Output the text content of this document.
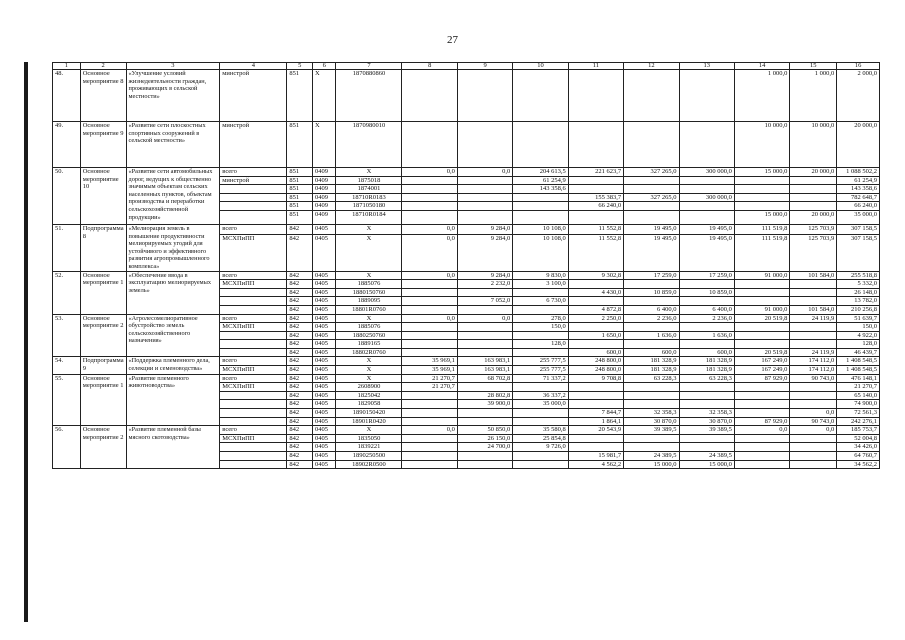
27
1	2	3	4	5	6	7	8	9	10	11	12	13	14	15	16
48.	Основное мероприятие 8	«Улучшение условий жизнедеятельности граждан, проживающих в сельской местности»	минстрой	851	X	1870880860							1 000,0	1 000,0	2 000,0
49.	Основное мероприятие 9	«Развитие сети плоскостных спортивных сооружений в сельской местности»	минстрой	851	X	1870980010							10 000,0	10 000,0	20 000,0
50.	Основное мероприятие 10	«Развитие сети автомобильных дорог, ведущих к общественно значимым объектам сельских населенных пунктов, объектам производства и переработки сельскохозяйственной продукции»	всего	851	0409	X	0,0	0,0	204 613,5	221 623,7	327 265,0	300 000,0	15 000,0	20 000,0	1 088 502,2
			минстрой	851	0409	1875018			61 254,9						61 254,9
				851	0409	1874001			143 358,6						143 358,6
				851	0409	18710R0183				155 383,7	327 265,0	300 000,0			782 648,7
				851	0409	1871050180				66 240,0					66 240,0
				851	0409	18710R0184							15 000,0	20 000,0	35 000,0
51.	Подпрограмма 8	«Мелиорация земель в повышение продуктивности мелиорируемых угодий для устойчивого и эффективного развития агропромышленного комплекса»	всего	842	0405	X	0,0	9 284,0	10 108,0	11 552,8	19 495,0	19 495,0	111 519,8	125 703,9	307 158,5
			МСХПиПП	842	0405	X	0,0	9 284,0	10 108,0	11 552,8	19 495,0	19 495,0	111 519,8	125 703,9	307 158,5
52.	Основное мероприятие 1	«Обеспечение ввода в эксплуатацию мелиорируемых земель»	всего	842	0405	X	0,0	9 284,0	9 830,0	9 302,8	17 259,0	17 259,0	91 000,0	101 584,0	255 518,8
			МСХПиПП	842	0405	1885076		2 232,0	3 100,0						5 332,0
				842	0405	1880150760				4 430,0	10 859,0	10 859,0			26 148,0
				842	0405	1889095		7 052,0	6 730,0						13 782,0
				842	0405	18801R0760				4 872,8	6 400,0	6 400,0	91 000,0	101 584,0	210 256,8
53.	Основное мероприятие 2	«Агролесомелиоративное обустройство земель сельскохозяйственного назначения»	всего	842	0405	X	0,0	0,0	278,0	2 250,0	2 236,0	2 236,0	20 519,8	24 119,9	51 639,7
			МСХПиПП	842	0405	1885076			150,0						150,0
				842	0405	1880250760				1 650,0	1 636,0	1 636,0			4 922,0
				842	0405	1889165			128,0						128,0
				842	0405	18802R0760				600,0	600,0	600,0	20 519,8	24 119,9	46 439,7
54.	Подпрограмма 9	«Поддержка племенного дела, селекции и семеноводства»	всего	842	0405	X	35 969,1	163 983,1	255 777,5	248 800,0	181 328,9	181 328,9	167 249,0	174 112,0	1 408 548,5
			МСХПиПП	842	0405	X	35 969,1	163 983,1	255 777,5	248 800,0	181 328,9	181 328,9	167 249,0	174 112,0	1 408 548,5
55.	Основное мероприятие 1	«Развитие племенного животноводства»	всего	842	0405	X	21 270,7	68 702,8	71 337,2	9 708,8	63 228,3	63 228,3	87 929,0	90 743,0	476 148,1
			МСХПиПП	842	0405	2608900	21 270,7								21 270,7
				842	0405	1825042		28 802,8	36 337,2						65 140,0
				842	0405	1829058		39 900,0	35 000,0						74 900,0
				842	0405	1890150420				7 844,7	32 358,3	32 358,3		0,0	72 561,3
				842	0405	18901R0420				1 864,1	30 870,0	30 870,0	87 929,0	90 743,0	242 276,1
56.	Основное мероприятие 2	«Развитие племенной базы мясного скотоводства»	всего	842	0405	X	0,0	50 850,0	35 580,8	20 543,9	39 389,5	39 389,5	0,0	0,0	185 753,7
			МСХПиПП	842	0405	1835050		26 150,0	25 854,8						52 004,8
				842	0405	1839221		24 700,0	9 726,0						34 426,0
				842	0405	1890250500				15 981,7	24 389,5	24 389,5			64 760,7
				842	0405	18902R0500				4 562,2	15 000,0	15 000,0			34 562,2
